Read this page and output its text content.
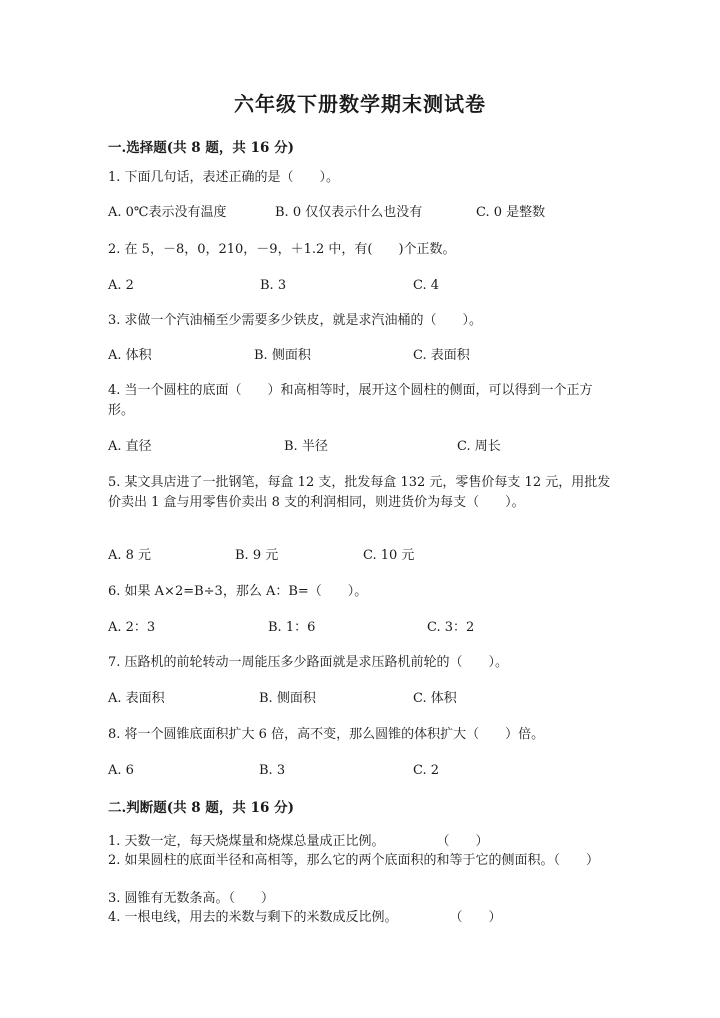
六年级下册数学期末测试卷
一.选择题(共 8 题，共 16 分)
1. 下面几句话，表述正确的是（　　）。
A. 0℃表示没有温度	B. 0 仅仅表示什么也没有	C. 0 是整数
2. 在 5，－8，0，210，－9，＋1.2 中，有(　　)个正数。
A. 2	B. 3	C. 4
3. 求做一个汽油桶至少需要多少铁皮，就是求汽油桶的（　　）。
A. 体积	B. 侧面积	C. 表面积
4. 当一个圆柱的底面（　　）和高相等时，展开这个圆柱的侧面，可以得到一个正方形。
A. 直径	B. 半径	C. 周长
5. 某文具店进了一批钢笔，每盒 12 支，批发每盒 132 元，零售价每支 12 元，用批发价卖出 1 盒与用零售价卖出 8 支的利润相同，则进货价为每支（　　）。
A. 8 元	B. 9 元	C. 10 元
6. 如果 A×2=B÷3，那么 A：B=（　　）。
A. 2：3	B. 1：6	C. 3：2
7. 压路机的前轮转动一周能压多少路面就是求压路机前轮的（　　）。
A. 表面积	B. 侧面积	C. 体积
8. 将一个圆锥底面积扩大 6 倍，高不变，那么圆锥的体积扩大（　　）倍。
A. 6	B. 3	C. 2
二.判断题(共 8 题，共 16 分)
1. 天数一定，每天烧煤量和烧煤总量成正比例。　　　　　（　　）
2. 如果圆柱的底面半径和高相等，那么它的两个底面积的和等于它的侧面积。（　　）
3. 圆锥有无数条高。（　　）
4. 一根电线，用去的米数与剩下的米数成反比例。　　　　　（　　）
